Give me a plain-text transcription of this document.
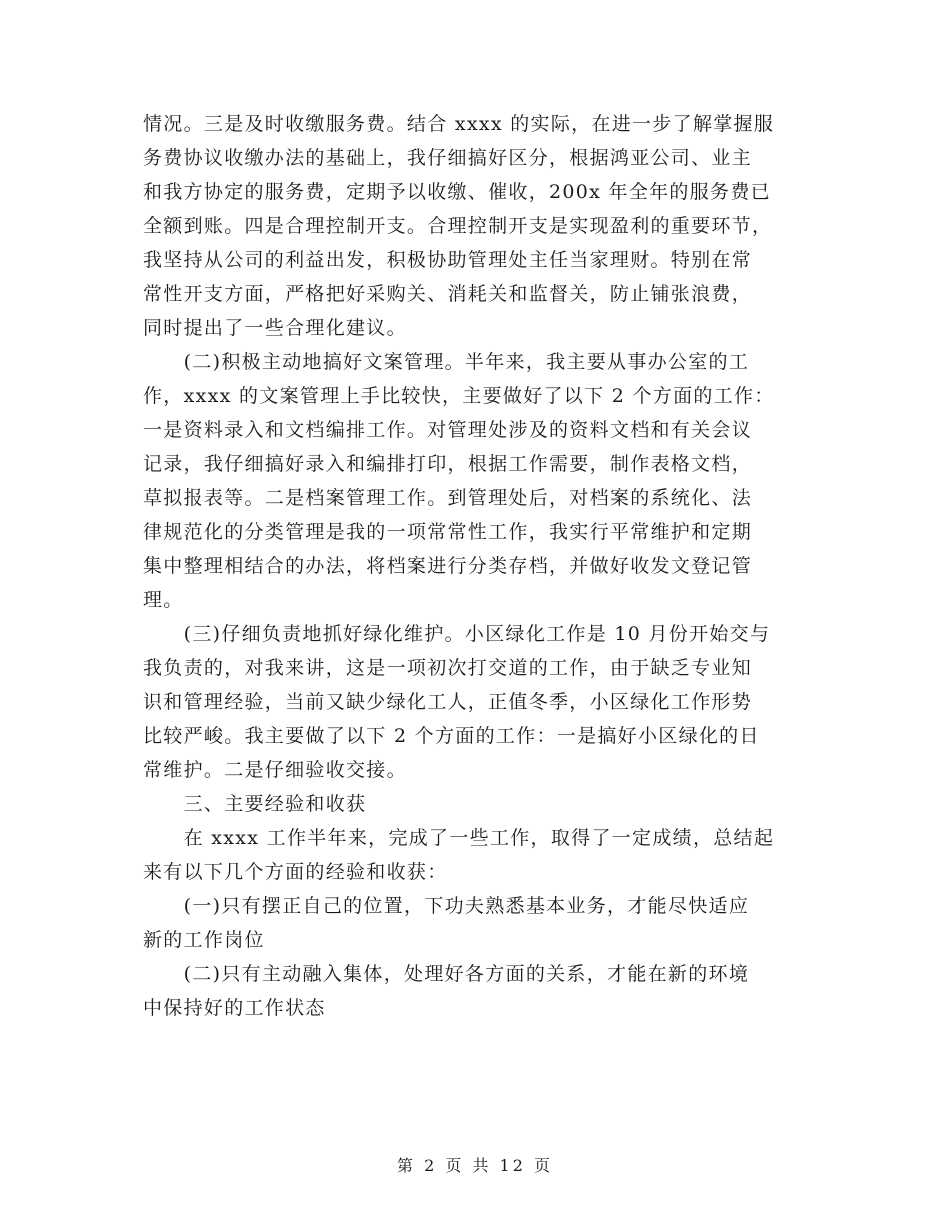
情况。三是及时收缴服务费。结合 xxxx 的实际，在进一步了解掌握服
务费协议收缴办法的基础上，我仔细搞好区分，根据鸿亚公司、业主
和我方协定的服务费，定期予以收缴、催收，200x 年全年的服务费已
全额到账。四是合理控制开支。合理控制开支是实现盈利的重要环节，
我坚持从公司的利益出发，积极协助管理处主任当家理财。特别在常
常性开支方面，严格把好采购关、消耗关和监督关，防止铺张浪费，
同时提出了一些合理化建议。
　　(二)积极主动地搞好文案管理。半年来，我主要从事办公室的工
作，xxxx 的文案管理上手比较快，主要做好了以下 2 个方面的工作：
一是资料录入和文档编排工作。对管理处涉及的资料文档和有关会议
记录，我仔细搞好录入和编排打印，根据工作需要，制作表格文档，
草拟报表等。二是档案管理工作。到管理处后，对档案的系统化、法
律规范化的分类管理是我的一项常常性工作，我实行平常维护和定期
集中整理相结合的办法，将档案进行分类存档，并做好收发文登记管
理。
　　(三)仔细负责地抓好绿化维护。小区绿化工作是 10 月份开始交与
我负责的，对我来讲，这是一项初次打交道的工作，由于缺乏专业知
识和管理经验，当前又缺少绿化工人，正值冬季，小区绿化工作形势
比较严峻。我主要做了以下 2 个方面的工作：一是搞好小区绿化的日
常维护。二是仔细验收交接。
　　三、主要经验和收获
　　在 xxxx 工作半年来，完成了一些工作，取得了一定成绩，总结起
来有以下几个方面的经验和收获：
　　(一)只有摆正自己的位置，下功夫熟悉基本业务，才能尽快适应
新的工作岗位
　　(二)只有主动融入集体，处理好各方面的关系，才能在新的环境
中保持好的工作状态
第 2 页 共 12 页
